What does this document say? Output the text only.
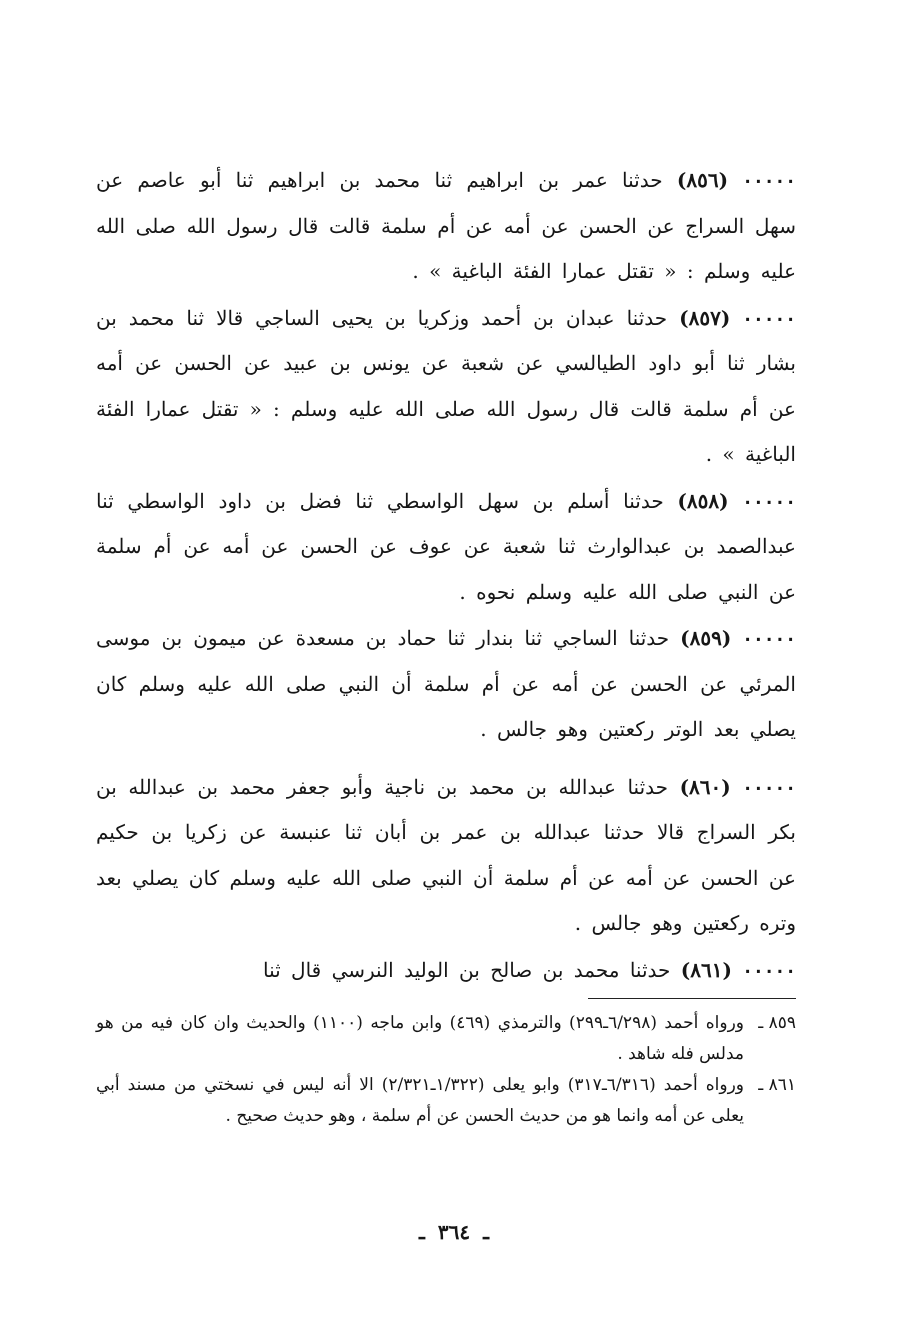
٠٠٠٠٠ (٨٥٦) حدثنا عمر بن ابراهيم ثنا محمد بن ابراهيم ثنا أبو عاصم عن سهل السراج عن الحسن عن أمه عن أم سلمة قالت قال رسول الله صلى الله عليه وسلم : « تقتل عمارا الفئة الباغية » .

٠٠٠٠٠ (٨٥٧) حدثنا عبدان بن أحمد وزكريا بن يحيى الساجي قالا ثنا محمد بن بشار ثنا أبو داود الطيالسي عن شعبة عن يونس بن عبيد عن الحسن عن أمه عن أم سلمة قالت قال رسول الله صلى الله عليه وسلم : « تقتل عمارا الفئة الباغية » .

٠٠٠٠٠ (٨٥٨) حدثنا أسلم بن سهل الواسطي ثنا فضل بن داود الواسطي ثنا عبدالصمد بن عبدالوارث ثنا شعبة عن عوف عن الحسن عن أمه عن أم سلمة عن النبي صلى الله عليه وسلم نحوه .

٠٠٠٠٠ (٨٥٩) حدثنا الساجي ثنا بندار ثنا حماد بن مسعدة عن ميمون بن موسى المرئي عن الحسن عن أمه عن أم سلمة أن النبي صلى الله عليه وسلم كان يصلي بعد الوتر ركعتين وهو جالس .

٠٠٠٠٠ (٨٦٠) حدثنا عبدالله بن محمد بن ناجية وأبو جعفر محمد بن عبدالله بن بكر السراج قالا حدثنا عبدالله بن عمر بن أبان ثنا عنبسة عن زكريا بن حكيم عن الحسن عن أمه عن أم سلمة أن النبي صلى الله عليه وسلم كان يصلي بعد وتره ركعتين وهو جالس .

٠٠٠٠٠ (٨٦١) حدثنا محمد بن صالح بن الوليد النرسي قال ثنا

٨٥٩ ـ
ورواه أحمد (٦/٢٩٨ـ٢٩٩) والترمذي (٤٦٩) وابن ماجه (١١٠٠) والحديث وان كان فيه من هو مدلس فله شاهد .

٨٦١ ـ
ورواه أحمد (٦/٣١٦ـ٣١٧) وابو يعلى (١/٣٢٢ـ٢/٣٢١) الا أنه ليس في نسختي من مسند أبي يعلى عن أمه وانما هو من حديث الحسن عن أم سلمة ، وهو حديث صحيح .

ـ ٣٦٤ ـ
